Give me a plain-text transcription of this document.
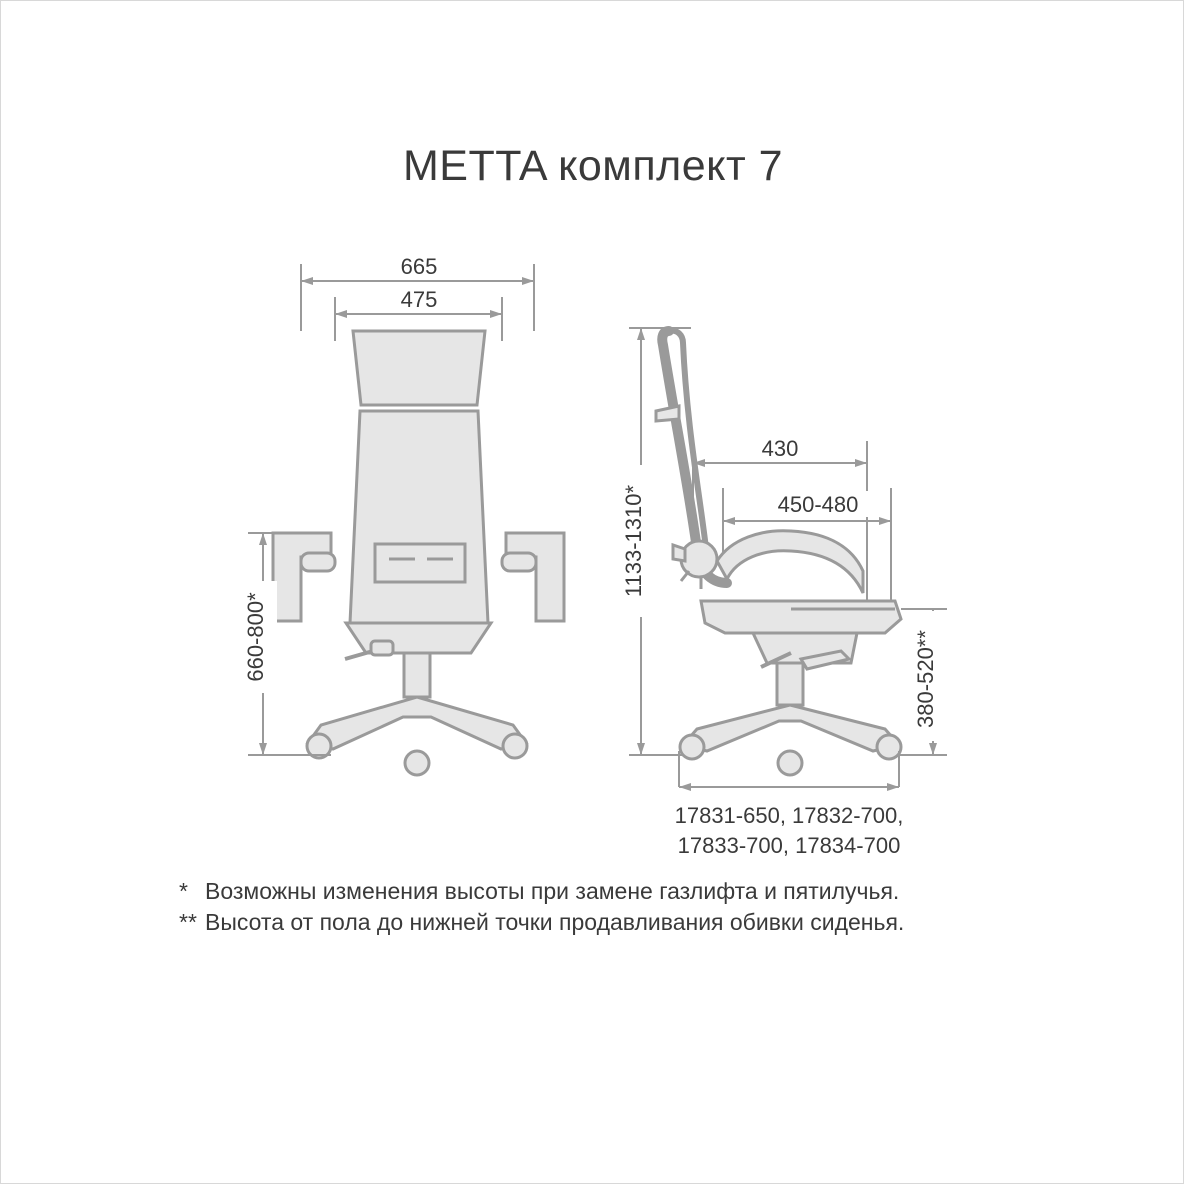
METTA комплект 7
665
475
660-800*
1133-1310*
430
450-480
380-520**
17831-650, 17832-700,
17833-700, 17834-700
* Возможны изменения высоты при замене газлифта и пятилучья.
** Высота от пола до нижней точки продавливания обивки сиденья.
